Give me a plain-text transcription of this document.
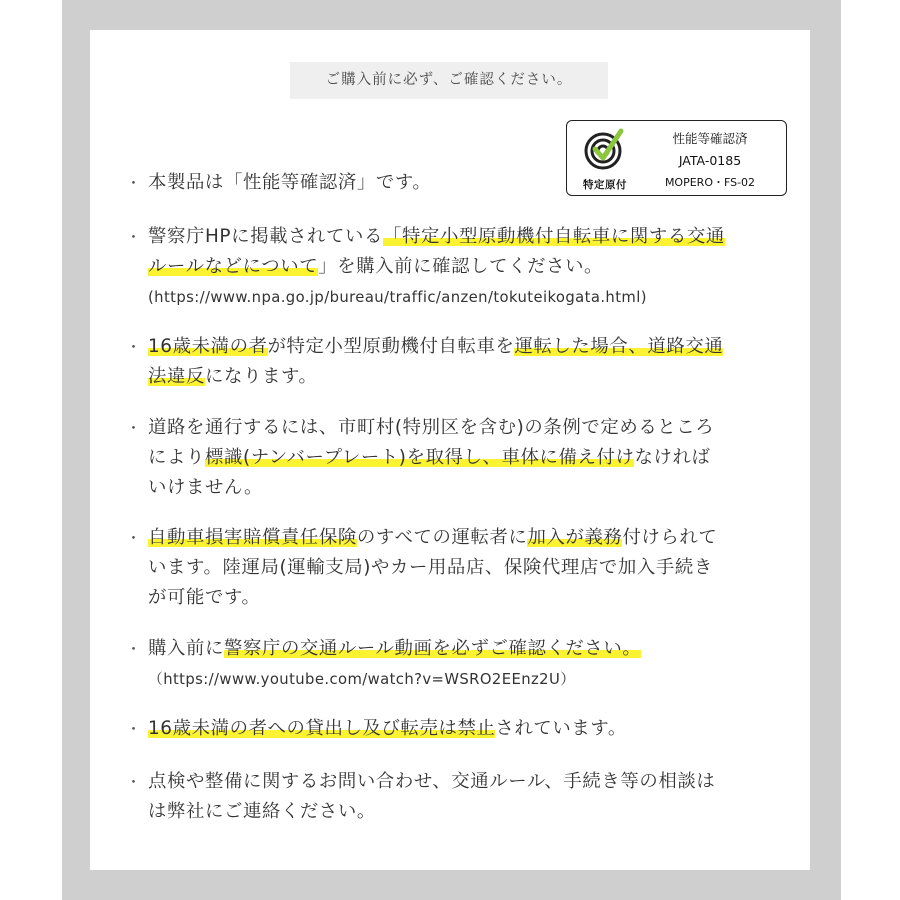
ご購入前に必ず、ご確認ください。
特定原付
性能等確認済
JATA-0185
MOPERO・FS-02
・ 本製品は「性能等確認済」です。
・ 警察庁HPに掲載されている「特定小型原動機付自転車に関する交通
ルールなどについて」を購入前に確認してください。
(https://www.npa.go.jp/bureau/traffic/anzen/tokuteikogata.html)
・ 16歳未満の者が特定小型原動機付自転車を運転した場合、道路交通
法違反になります。
・ 道路を通行するには、市町村(特別区を含む)の条例で定めるところ
により標識(ナンバープレート)を取得し、車体に備え付けなければ
いけません。
・ 自動車損害賠償責任保険のすべての運転者に加入が義務付けられて
います。陸運局(運輸支局)やカー用品店、保険代理店で加入手続き
が可能です。
・ 購入前に警察庁の交通ルール動画を必ずご確認ください。
（https://www.youtube.com/watch?v=WSRO2EEnz2U）
・ 16歳未満の者への貸出し及び転売は禁止されています。
・ 点検や整備に関するお問い合わせ、交通ルール、手続き等の相談は
は弊社にご連絡ください。
